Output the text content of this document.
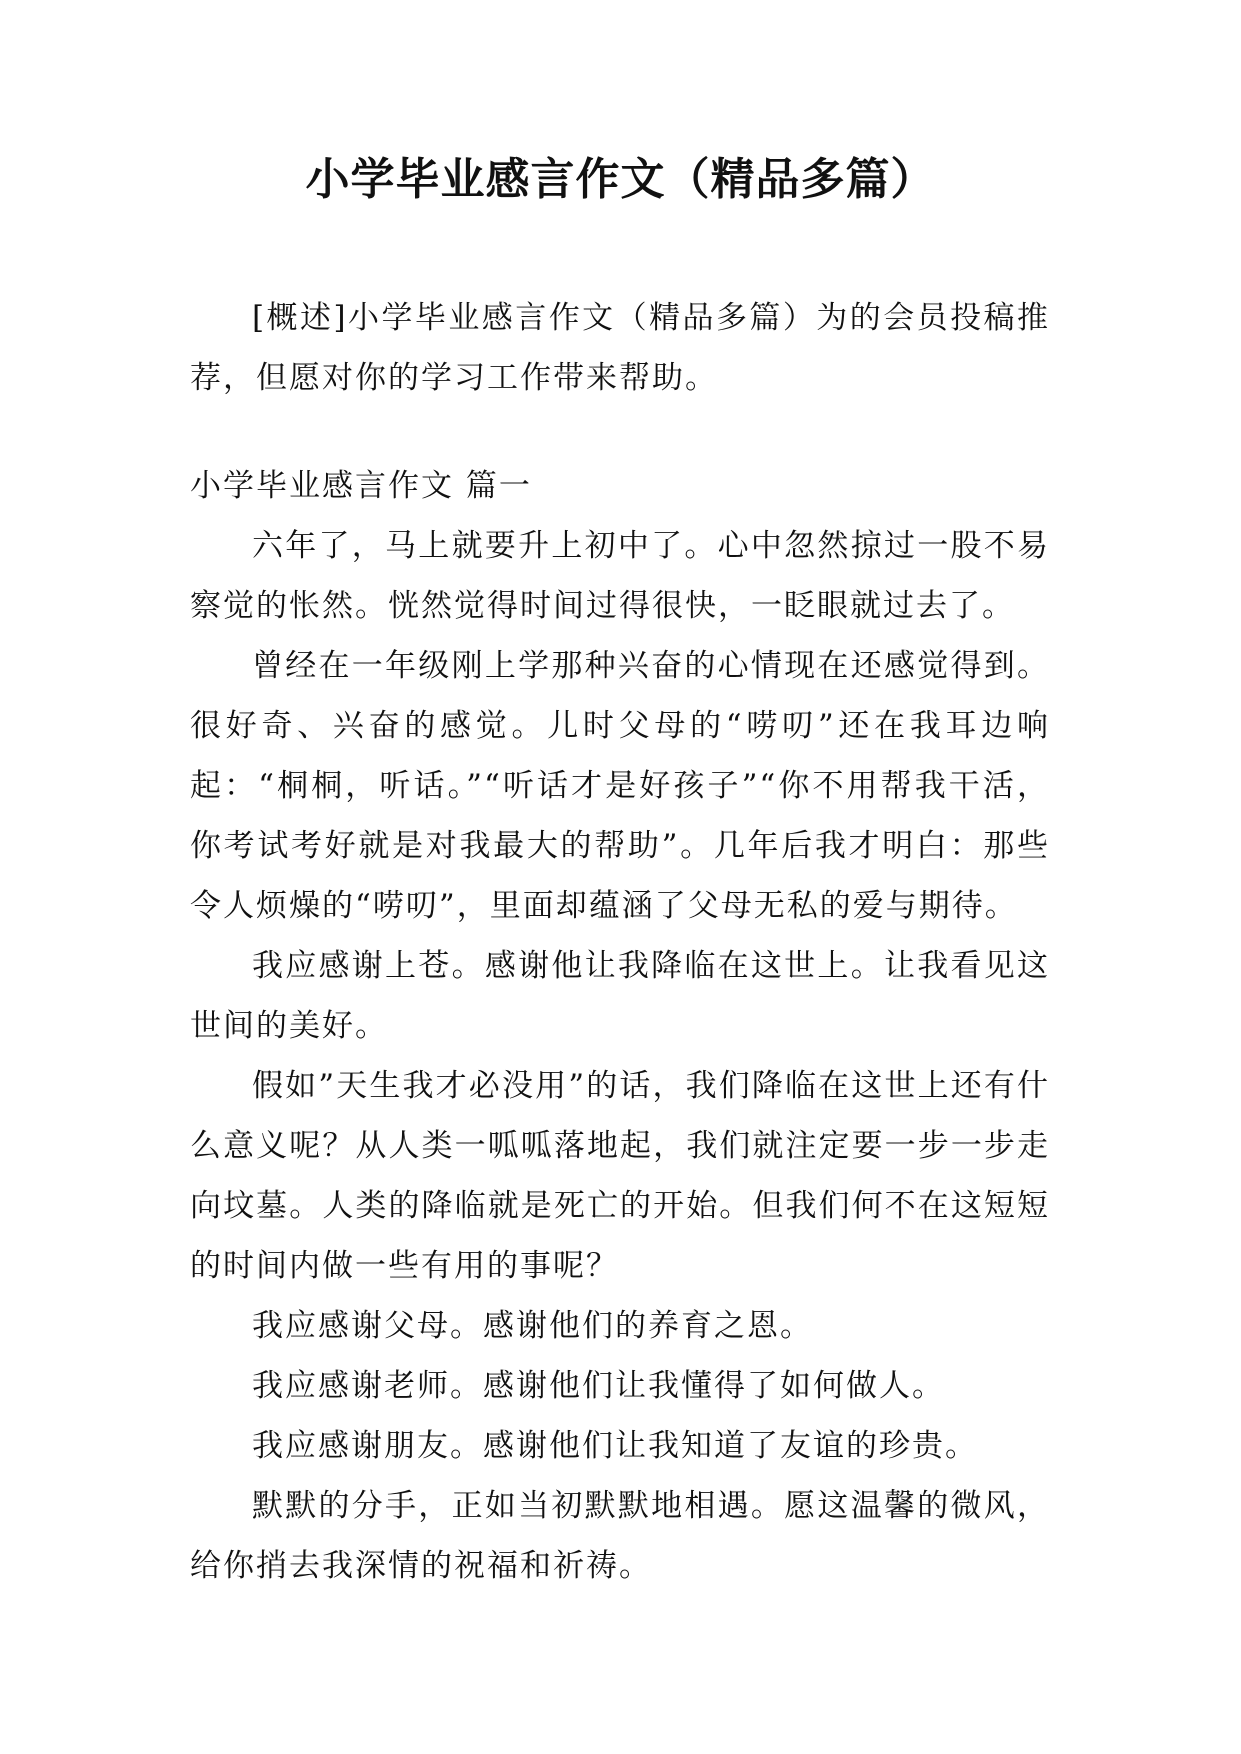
小学毕业感言作文（精品多篇）

[概述]小学毕业感言作文（精品多篇）为的会员投稿推荐，但愿对你的学习工作带来帮助。

小学毕业感言作文 篇一

六年了，马上就要升上初中了。心中忽然掠过一股不易察觉的怅然。恍然觉得时间过得很快，一眨眼就过去了。

曾经在一年级刚上学那种兴奋的心情现在还感觉得到。很好奇、兴奋的感觉。儿时父母的“唠叨”还在我耳边响起：“桐桐，听话。”“听话才是好孩子”“你不用帮我干活，你考试考好就是对我最大的帮助”。几年后我才明白：那些令人烦燥的“唠叨”，里面却蕴涵了父母无私的爱与期待。

我应感谢上苍。感谢他让我降临在这世上。让我看见这世间的美好。

假如”天生我才必没用”的话，我们降临在这世上还有什么意义呢？从人类一呱呱落地起，我们就注定要一步一步走向坟墓。人类的降临就是死亡的开始。但我们何不在这短短的时间内做一些有用的事呢？

我应感谢父母。感谢他们的养育之恩。

我应感谢老师。感谢他们让我懂得了如何做人。

我应感谢朋友。感谢他们让我知道了友谊的珍贵。

默默的分手，正如当初默默地相遇。愿这温馨的微风，给你捎去我深情的祝福和祈祷。
